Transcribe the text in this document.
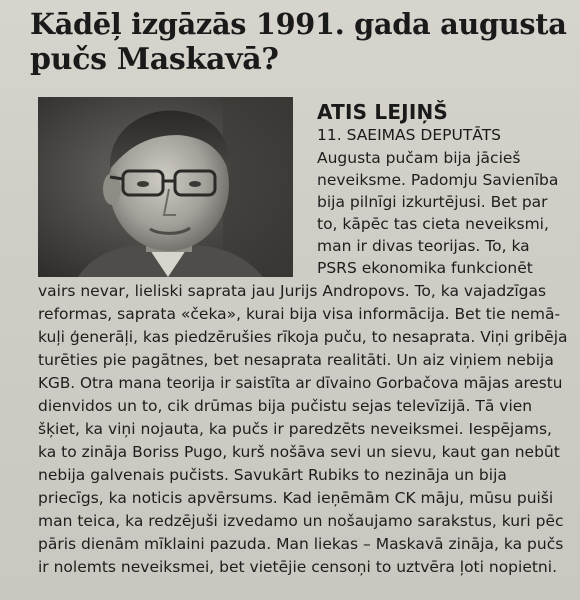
Kādēļ izgāzās 1991. gada augusta
pučs Maskavā?
ATIS LEJIŅŠ
11. SAEIMAS DEPUTĀTS
Augusta pučam bija jācieš
neveiksme. Padomju Savienība
bija pilnīgi izkurtējusi. Bet par
to, kāpēc tas cieta neveiksmi,
man ir divas teorijas. To, ka
PSRS ekonomika funkcionēt
vairs nevar, lieliski saprata jau Jurijs Andropovs. To, ka vajadzīgas
reformas, saprata «čeka», kurai bija visa informācija. Bet tie nemā-
kuļi ģenerāļi, kas piedzērušies rīkoja puču, to nesaprata. Viņi gribēja
turēties pie pagātnes, bet nesaprata realitāti. Un aiz viņiem nebija
KGB. Otra mana teorija ir saistīta ar dīvaino Gorbačova mājas arestu
dienvidos un to, cik drūmas bija pučistu sejas televīzijā. Tā vien
šķiet, ka viņi nojauta, ka pučs ir paredzēts neveiksmei. Iespējams,
ka to zināja Boriss Pugo, kurš nošāva sevi un sievu, kaut gan nebūt
nebija galvenais pučists. Savukārt Rubiks to nezināja un bija
priecīgs, ka noticis apvērsums. Kad ieņēmām CK māju, mūsu puiši
man teica, ka redzējuši izvedamo un nošaujamo sarakstus, kuri pēc
pāris dienām mīklaini pazuda. Man liekas – Maskavā zināja, ka pučs
ir nolemts neveiksmei, bet vietējie censoņi to uztvēra ļoti nopietni.
